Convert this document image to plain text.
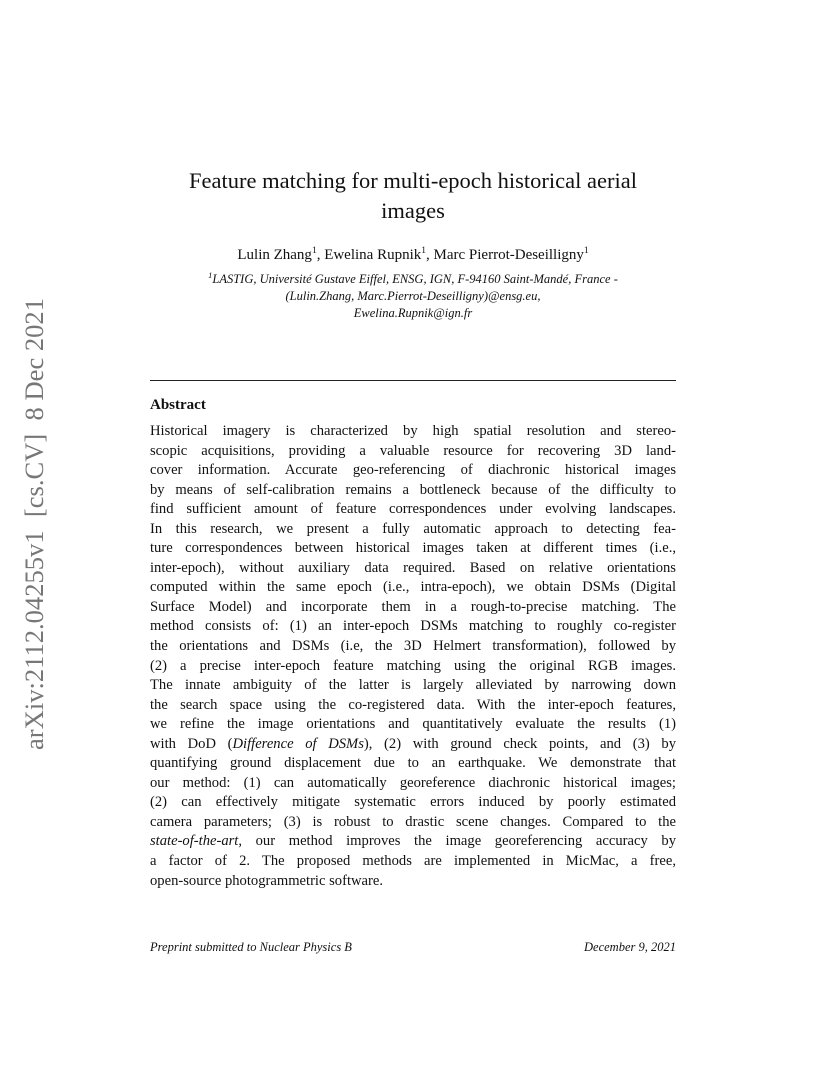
arXiv:2112.04255v1  [cs.CV]  8 Dec 2021
Feature matching for multi-epoch historical aerial
images
Lulin Zhang$^1$, Ewelina Rupnik$^1$, Marc Pierrot-Deseilligny$^1$
$^1$LASTIG, Université Gustave Eiffel, ENSG, IGN, F-94160 Saint-Mandé, France -
(Lulin.Zhang, Marc.Pierrot-Deseilligny)@ensg.eu,
Ewelina.Rupnik@ign.fr
Abstract
Historical imagery is characterized by high spatial resolution and stereo-
scopic acquisitions, providing a valuable resource for recovering 3D land-
cover information. Accurate geo-referencing of diachronic historical images
by means of self-calibration remains a bottleneck because of the difficulty to
find sufficient amount of feature correspondences under evolving landscapes.
In this research, we present a fully automatic approach to detecting fea-
ture correspondences between historical images taken at different times (i.e.,
inter-epoch), without auxiliary data required. Based on relative orientations
computed within the same epoch (i.e., intra-epoch), we obtain DSMs (Digital
Surface Model) and incorporate them in a rough-to-precise matching. The
method consists of: (1) an inter-epoch DSMs matching to roughly co-register
the orientations and DSMs (i.e, the 3D Helmert transformation), followed by
(2) a precise inter-epoch feature matching using the original RGB images.
The innate ambiguity of the latter is largely alleviated by narrowing down
the search space using the co-registered data. With the inter-epoch features,
we refine the image orientations and quantitatively evaluate the results (1)
with DoD (Difference of DSMs), (2) with ground check points, and (3) by
quantifying ground displacement due to an earthquake. We demonstrate that
our method: (1) can automatically georeference diachronic historical images;
(2) can effectively mitigate systematic errors induced by poorly estimated
camera parameters; (3) is robust to drastic scene changes. Compared to the
state-of-the-art, our method improves the image georeferencing accuracy by
a factor of 2. The proposed methods are implemented in MicMac, a free,
open-source photogrammetric software.
Preprint submitted to Nuclear Physics B	December 9, 2021
